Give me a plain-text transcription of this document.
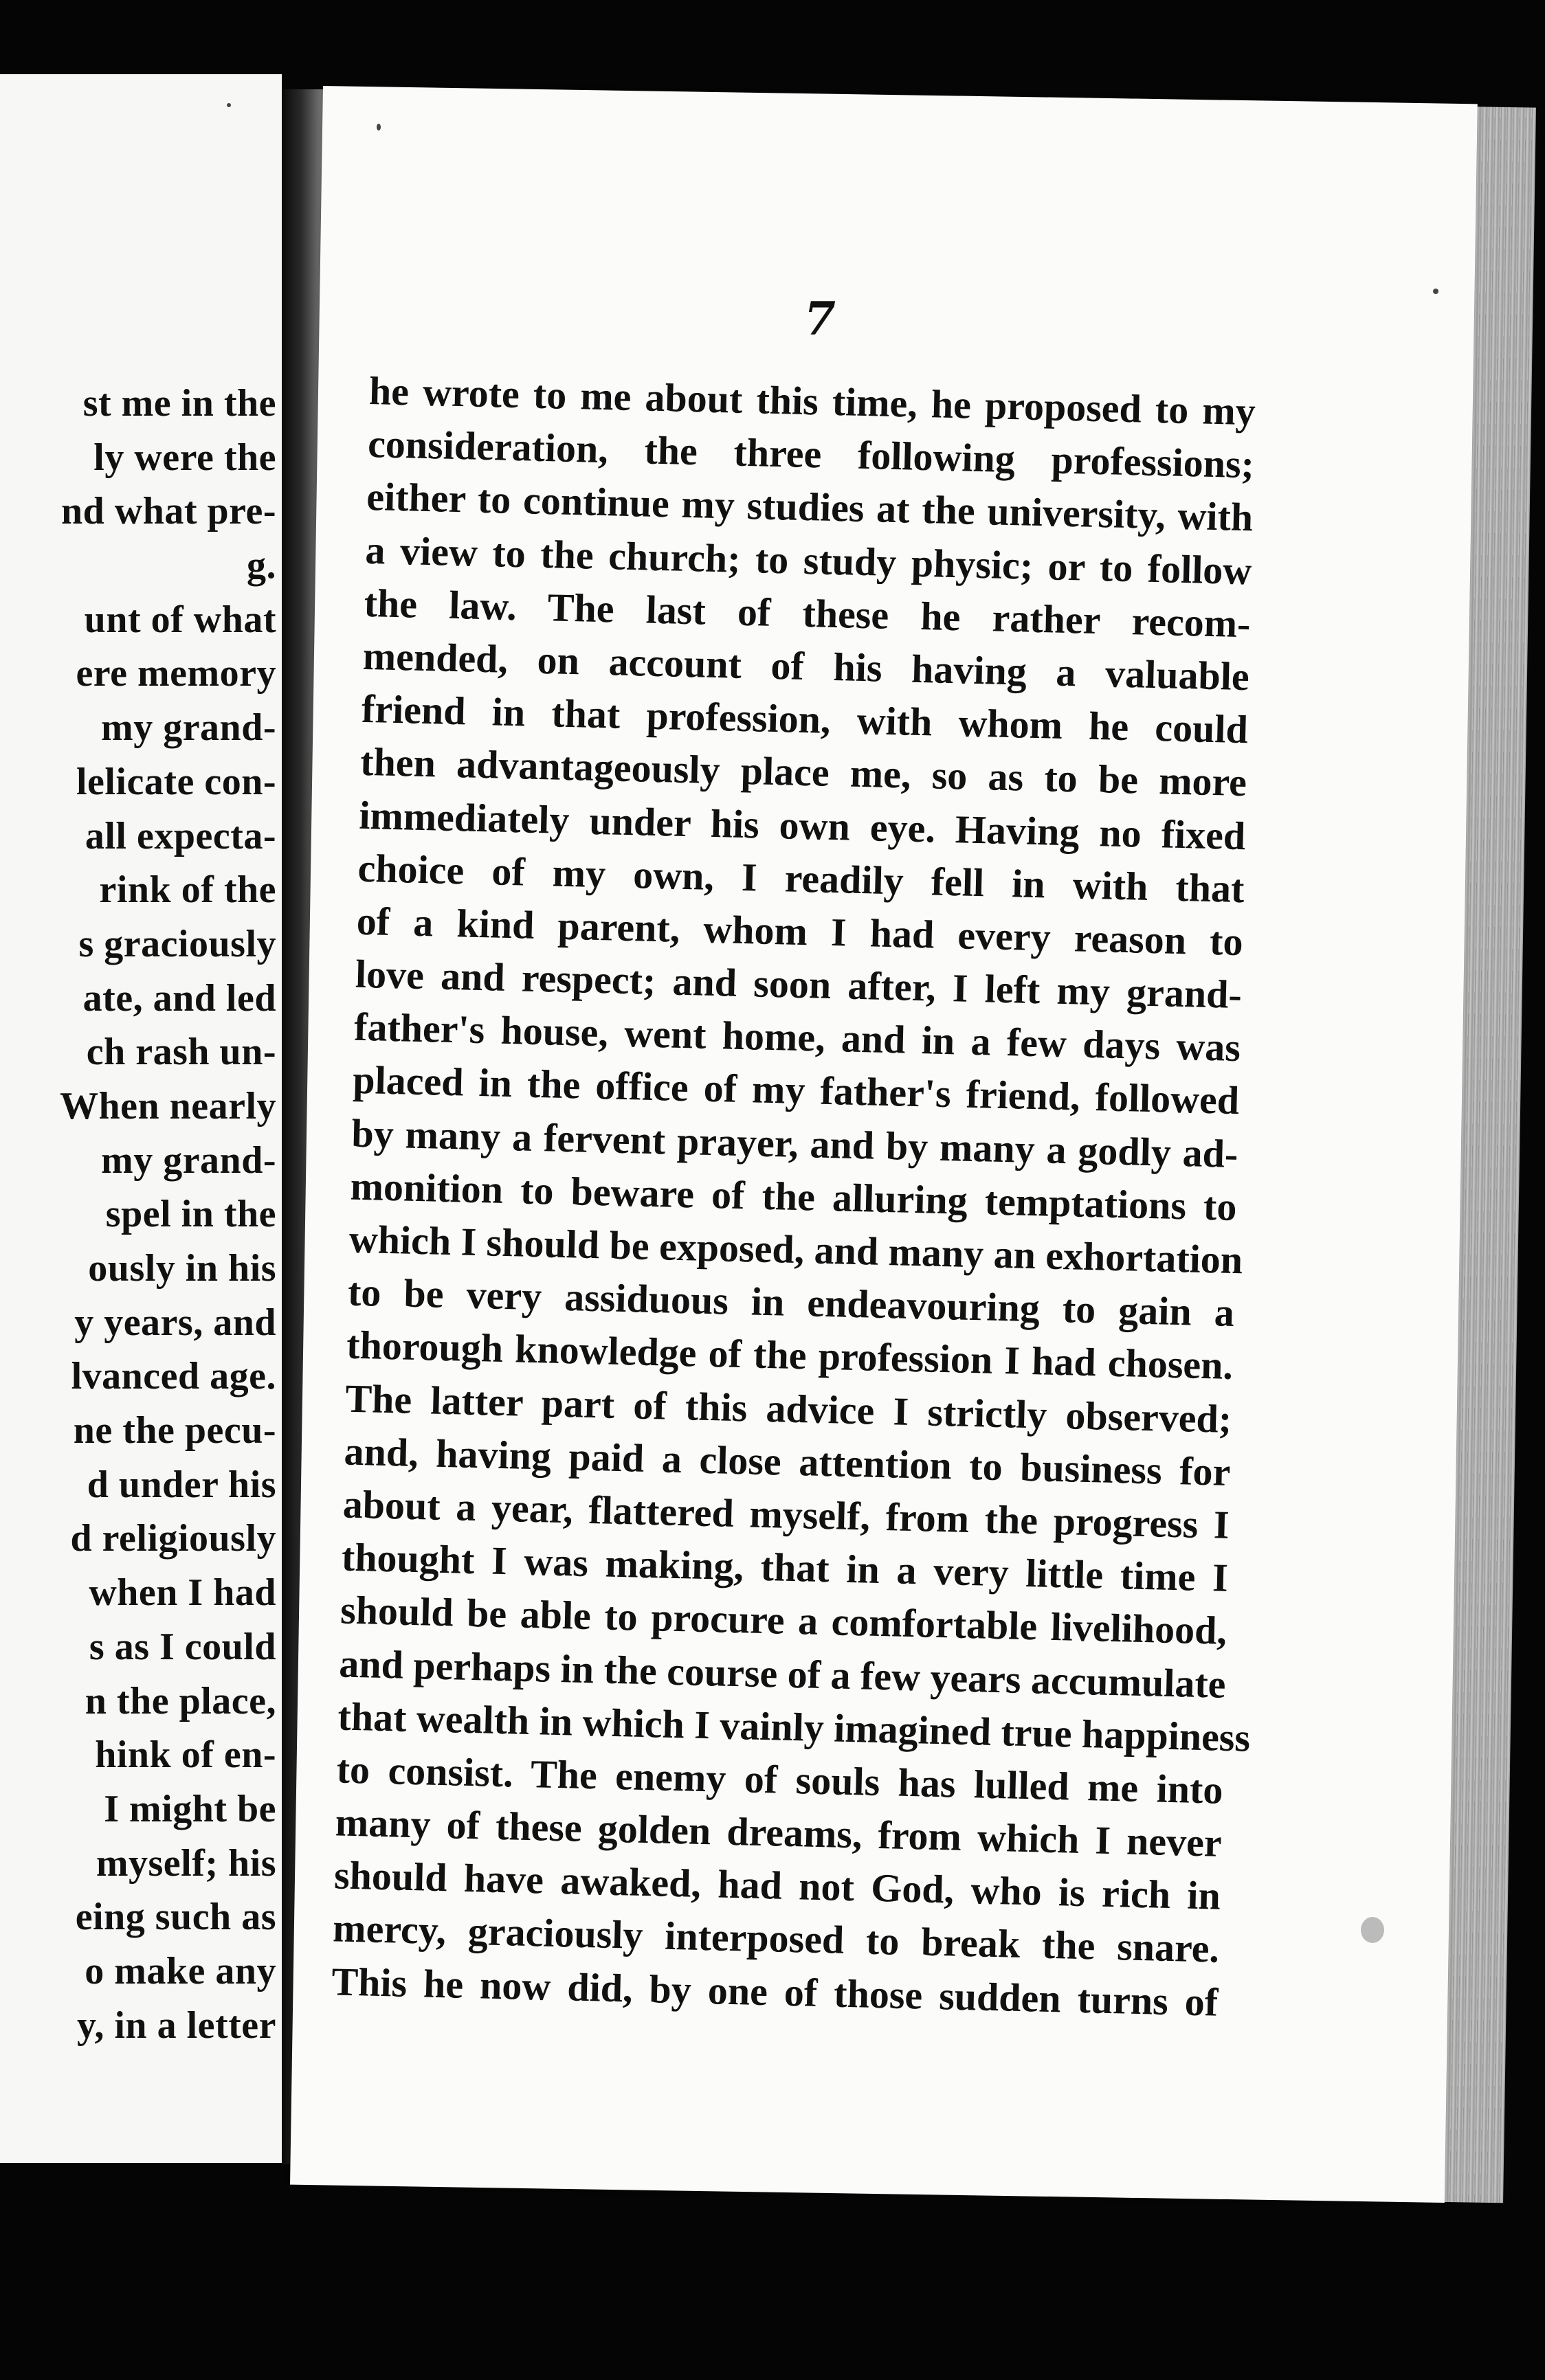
st me in the
ly were the
nd what pre-
g.
unt of what
ere memory
my grand-
lelicate con-
all expecta-
rink of the
s graciously
ate, and led
ch rash un-
When nearly
my grand-
spel in the
ously in his
y years, and
lvanced age.
ne the pecu-
d under his
d religiously
when I had
s as I could
n the place,
hink of en-
I might be
myself; his
eing such as
o make any
y, in a letter
7
he wrote to me about this time, he proposed to my
consideration, the three following professions;
either to continue my studies at the university, with
a view to the church; to study physic; or to follow
the law. The last of these he rather recom-
mended, on account of his having a valuable
friend in that profession, with whom he could
then advantageously place me, so as to be more
immediately under his own eye. Having no fixed
choice of my own, I readily fell in with that
of a kind parent, whom I had every reason to
love and respect; and soon after, I left my grand-
father's house, went home, and in a few days was
placed in the office of my father's friend, followed
by many a fervent prayer, and by many a godly ad-
monition to beware of the alluring temptations to
which I should be exposed, and many an exhortation
to be very assiduous in endeavouring to gain a
thorough knowledge of the profession I had chosen.
The latter part of this advice I strictly observed;
and, having paid a close attention to business for
about a year, flattered myself, from the progress I
thought I was making, that in a very little time I
should be able to procure a comfortable livelihood,
and perhaps in the course of a few years accumulate
that wealth in which I vainly imagined true happiness
to consist. The enemy of souls has lulled me into
many of these golden dreams, from which I never
should have awaked, had not God, who is rich in
mercy, graciously interposed to break the snare.
This he now did, by one of those sudden turns of
